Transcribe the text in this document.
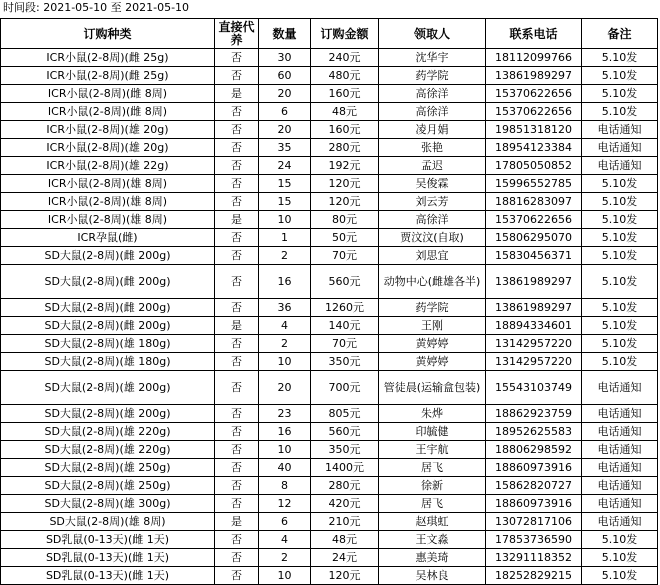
时间段: 2021-05-10 至 2021-05-10
订购种类	直接代养	数量	订购金额	领取人	联系电话	备注
ICR小鼠(2-8周)(雌 25g)	否	30	240元	沈华宇	18112099766	5.10发
ICR小鼠(2-8周)(雌 25g)	否	60	480元	药学院	13861989297	5.10发
ICR小鼠(2-8周)(雌 8周)	是	20	160元	高徐洋	15370622656	5.10发
ICR小鼠(2-8周)(雌 8周)	否	6	48元	高徐洋	15370622656	5.10发
ICR小鼠(2-8周)(雄 20g)	否	20	160元	凌月娟	19851318120	电话通知
ICR小鼠(2-8周)(雄 20g)	否	35	280元	张艳	18954123384	电话通知
ICR小鼠(2-8周)(雄 22g)	否	24	192元	孟迟	17805050852	电话通知
ICR小鼠(2-8周)(雄 8周)	否	15	120元	吴俊霖	15996552785	5.10发
ICR小鼠(2-8周)(雄 8周)	否	15	120元	刘云芳	18816283097	5.10发
ICR小鼠(2-8周)(雄 8周)	是	10	80元	高徐洋	15370622656	5.10发
ICR孕鼠(雌)	否	1	50元	贾汶汶(自取)	15806295070	5.10发
SD大鼠(2-8周)(雌 200g)	否	2	70元	刘思宜	15830456371	5.10发
SD大鼠(2-8周)(雌 200g)	否	16	560元	动物中心(雌雄各半)	13861989297	5.10发
SD大鼠(2-8周)(雌 200g)	否	36	1260元	药学院	13861989297	5.10发
SD大鼠(2-8周)(雌 200g)	是	4	140元	王刚	18894334601	5.10发
SD大鼠(2-8周)(雄 180g)	否	2	70元	黄婷婷	13142957220	5.10发
SD大鼠(2-8周)(雄 180g)	否	10	350元	黄婷婷	13142957220	5.10发
SD大鼠(2-8周)(雄 200g)	否	20	700元	管徒晨(运输盒包装)	15543103749	电话通知
SD大鼠(2-8周)(雄 200g)	否	23	805元	朱烨	18862923759	电话通知
SD大鼠(2-8周)(雄 220g)	否	16	560元	印毓健	18952625583	电话通知
SD大鼠(2-8周)(雄 220g)	否	10	350元	王宇航	18806298592	电话通知
SD大鼠(2-8周)(雄 250g)	否	40	1400元	居飞	18860973916	电话通知
SD大鼠(2-8周)(雄 250g)	否	8	280元	徐新	15862820727	电话通知
SD大鼠(2-8周)(雄 300g)	否	12	420元	居飞	18860973916	电话通知
SD大鼠(2-8周)(雄 8周)	是	6	210元	赵琪虹	13072817106	电话通知
SD乳鼠(0-13天)(雌 1天)	否	4	48元	王文淼	17853736590	5.10发
SD乳鼠(0-13天)(雌 1天)	否	2	24元	惠美琦	13291118352	5.10发
SD乳鼠(0-13天)(雌 1天)	否	10	120元	吴林良	18252829215	5.10发
